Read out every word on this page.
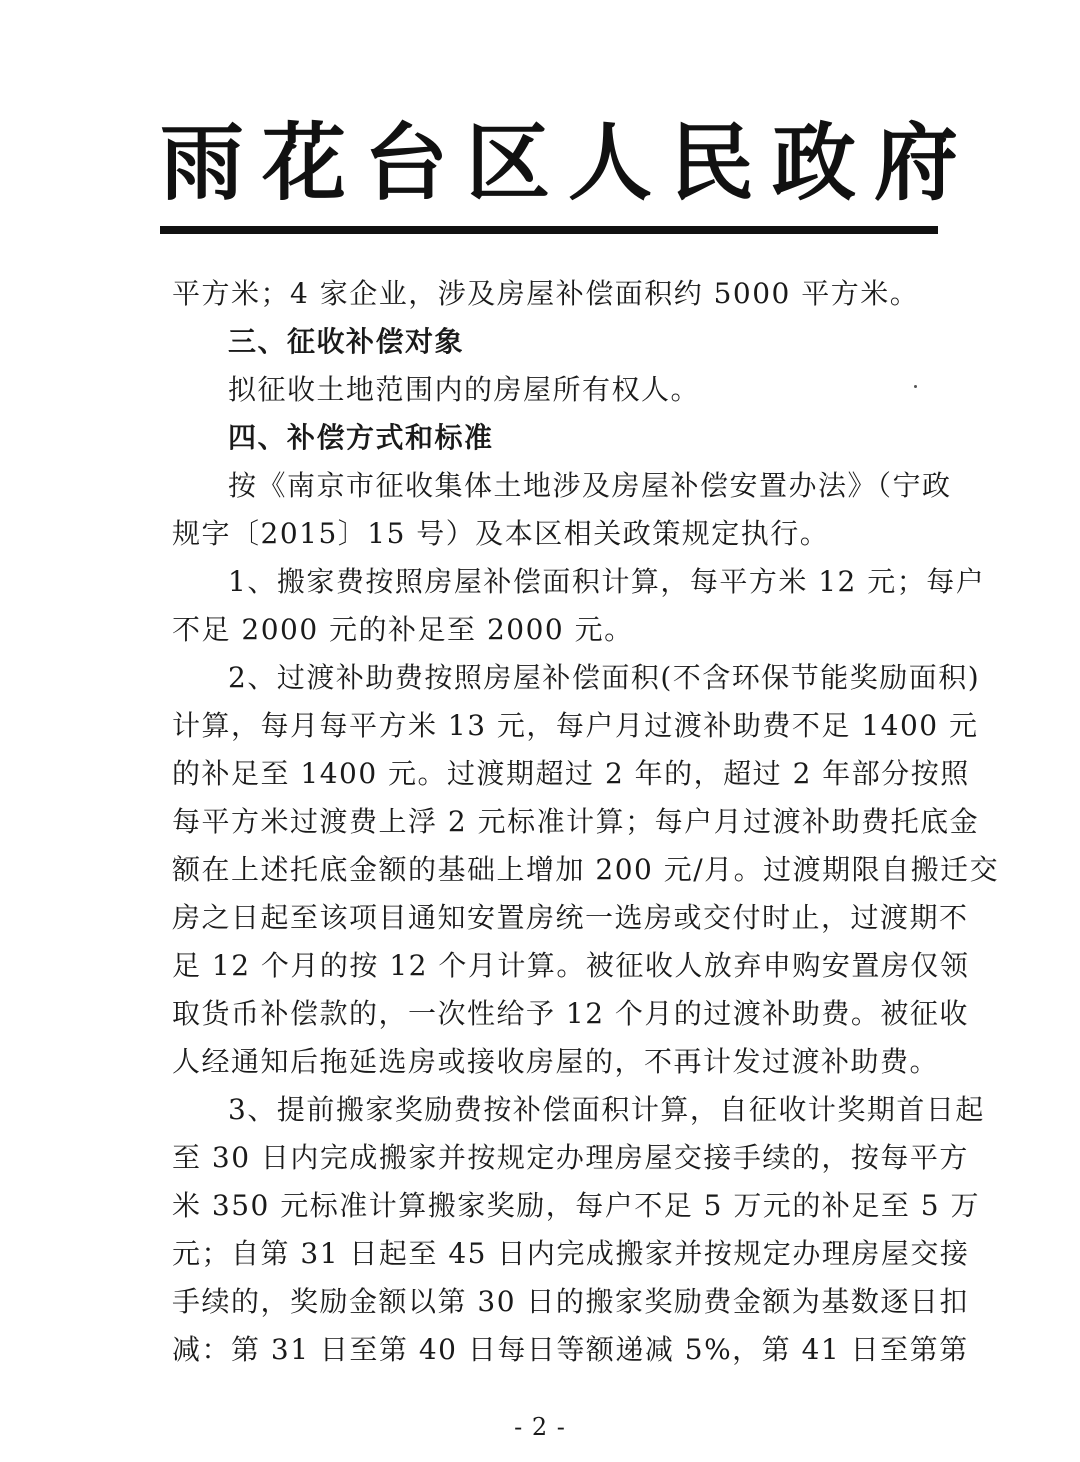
雨花台区人民政府
平方米；4 家企业，涉及房屋补偿面积约 5000 平方米。
三、征收补偿对象
拟征收土地范围内的房屋所有权人。
四、补偿方式和标准
按《南京市征收集体土地涉及房屋补偿安置办法》（宁政
规字〔2015〕15 号）及本区相关政策规定执行。
1、搬家费按照房屋补偿面积计算，每平方米 12 元；每户
不足 2000 元的补足至 2000 元。
2、过渡补助费按照房屋补偿面积(不含环保节能奖励面积)
计算，每月每平方米 13 元，每户月过渡补助费不足 1400 元
的补足至 1400 元。过渡期超过 2 年的，超过 2 年部分按照
每平方米过渡费上浮 2 元标准计算；每户月过渡补助费托底金
额在上述托底金额的基础上增加 200 元/月。过渡期限自搬迁交
房之日起至该项目通知安置房统一选房或交付时止，过渡期不
足 12 个月的按 12 个月计算。被征收人放弃申购安置房仅领
取货币补偿款的，一次性给予 12 个月的过渡补助费。被征收
人经通知后拖延选房或接收房屋的，不再计发过渡补助费。
3、提前搬家奖励费按补偿面积计算，自征收计奖期首日起
至 30 日内完成搬家并按规定办理房屋交接手续的，按每平方
米 350 元标准计算搬家奖励，每户不足 5 万元的补足至 5 万
元；自第 31 日起至 45 日内完成搬家并按规定办理房屋交接
手续的，奖励金额以第 30 日的搬家奖励费金额为基数逐日扣
减：第 31 日至第 40 日每日等额递减 5%，第 41 日至第第
- 2 -
